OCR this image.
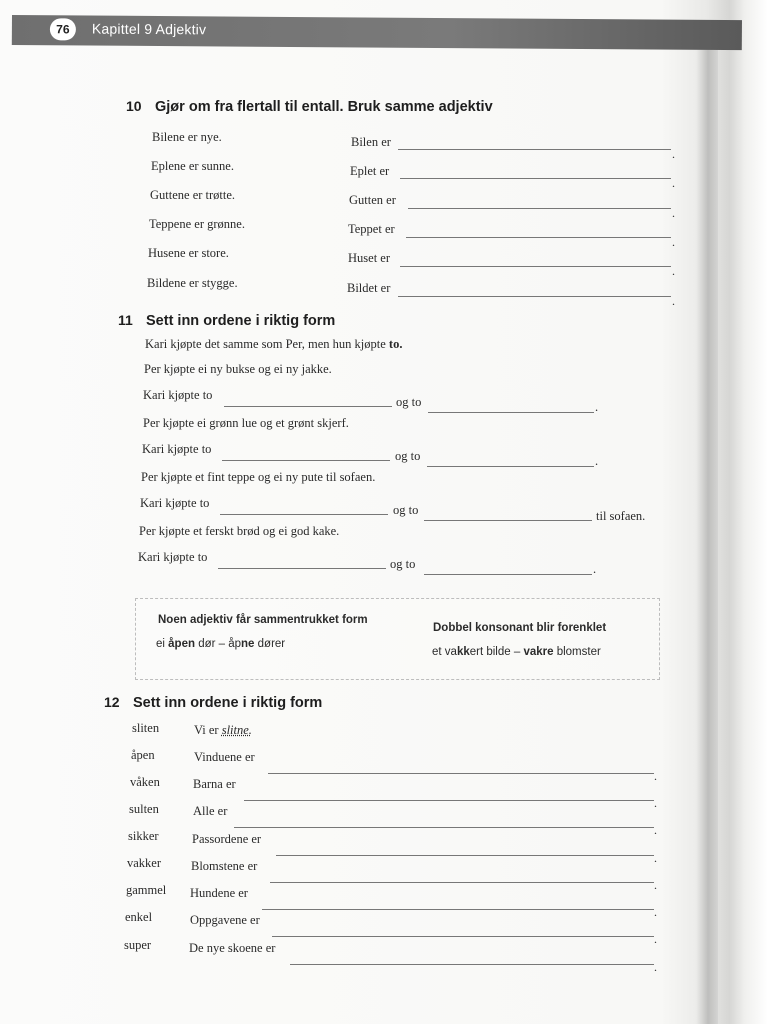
76	Kapittel 9 Adjektiv
10 Gjør om fra flertall til entall. Bruk samme adjektiv
Bilene er nye.	Bilen er
.
Eplene er sunne.	Eplet er
.
Guttene er trøtte.	Gutten er
.
Teppene er grønne.	Teppet er
.
Husene er store.	Huset er
.
Bildene er stygge.	Bildet er
.
11 Sett inn ordene i riktig form
Kari kjøpte det samme som Per, men hun kjøpte to.
Per kjøpte ei ny bukse og ei ny jakke.
Kari kjøpte to	og to	.
Per kjøpte ei grønn lue og et grønt skjerf.
Kari kjøpte to	og to	.
Per kjøpte et fint teppe og ei ny pute til sofaen.
Kari kjøpte to	og to	til sofaen.
Per kjøpte et ferskt brød og ei god kake.
Kari kjøpte to	og to	.
Noen adjektiv får sammentrukket form
ei åpen dør – åpne dører
Dobbel konsonant blir forenklet
et vakkert bilde – vakre blomster
12 Sett inn ordene i riktig form
sliten	Vi er slitne.
åpen	Vinduene er
.
våken	Barna er
.
sulten	Alle er
.
sikker	Passordene er
.
vakker Blomstene er
.
gammel Hundene er
.
enkel	Oppgavene er
.
super	De nye skoene er
.
